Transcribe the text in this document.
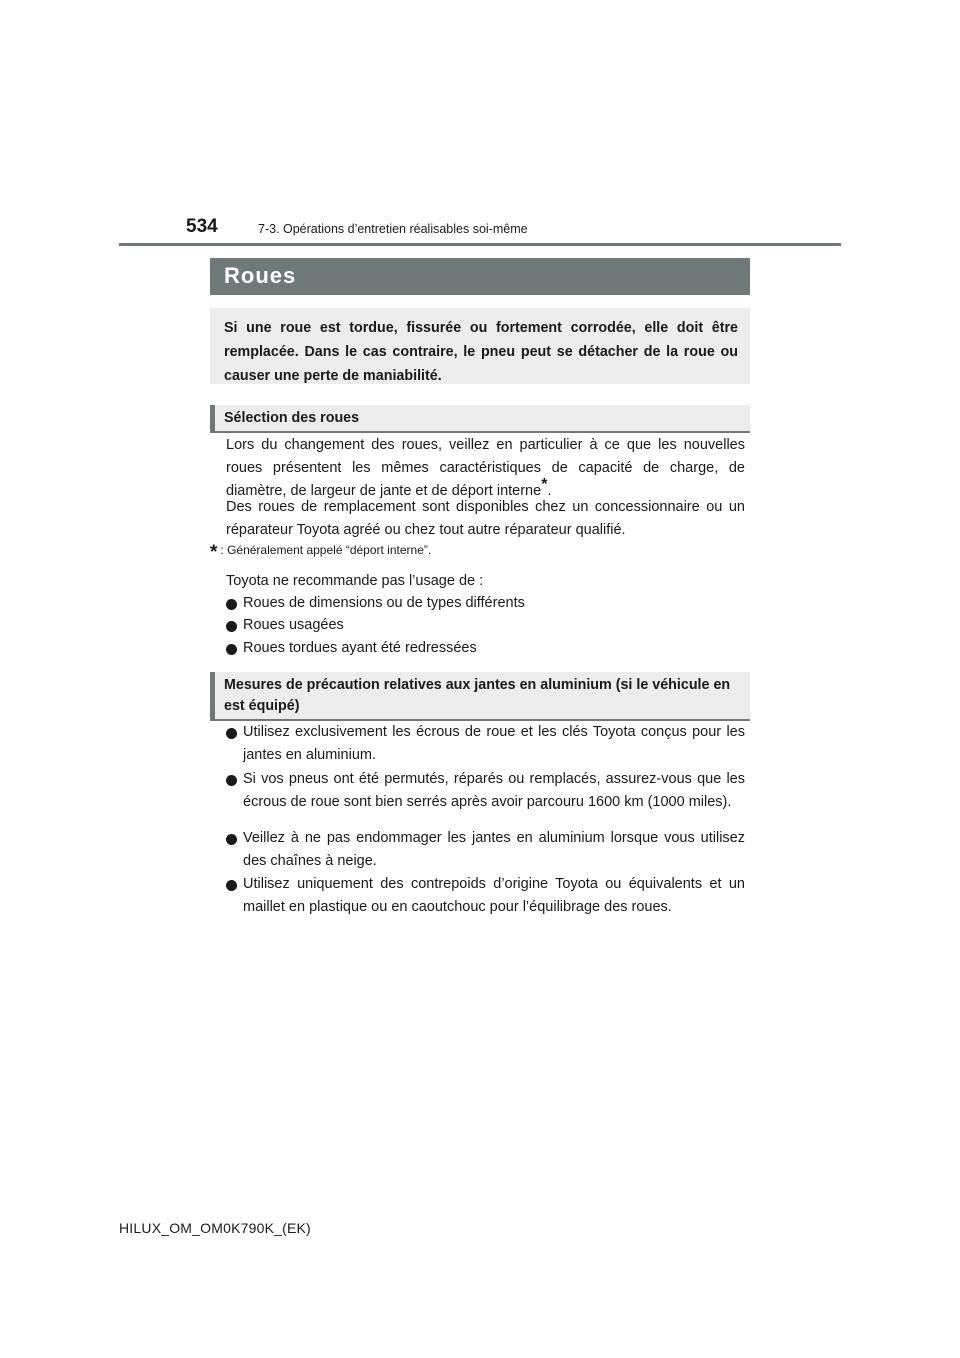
534	7-3. Opérations d’entretien réalisables soi-même
Roues

Si une roue est tordue, fissurée ou fortement corrodée, elle doit être remplacée. Dans le cas contraire, le pneu peut se détacher de la roue ou causer une perte de maniabilité.

Sélection des roues

Lors du changement des roues, veillez en particulier à ce que les nouvelles roues présentent les mêmes caractéristiques de capacité de charge, de diamètre, de largeur de jante et de déport interne*.

Des roues de remplacement sont disponibles chez un concessionnaire ou un réparateur Toyota agréé ou chez tout autre réparateur qualifié.

* : Généralement appelé “déport interne”.

Toyota ne recommande pas l’usage de :

Roues de dimensions ou de types différents
Roues usagées
Roues tordues ayant été redressées
Mesures de précaution relatives aux jantes en aluminium (si le véhicule en est équipé)
Utilisez exclusivement les écrous de roue et les clés Toyota conçus pour les jantes en aluminium.
Si vos pneus ont été permutés, réparés ou remplacés, assurez-vous que les écrous de roue sont bien serrés après avoir parcouru 1600 km (1000 miles).
Veillez à ne pas endommager les jantes en aluminium lorsque vous utilisez des chaînes à neige.
Utilisez uniquement des contrepoids d’origine Toyota ou équivalents et un maillet en plastique ou en caoutchouc pour l’équilibrage des roues.
HILUX_OM_OM0K790K_(EK)
